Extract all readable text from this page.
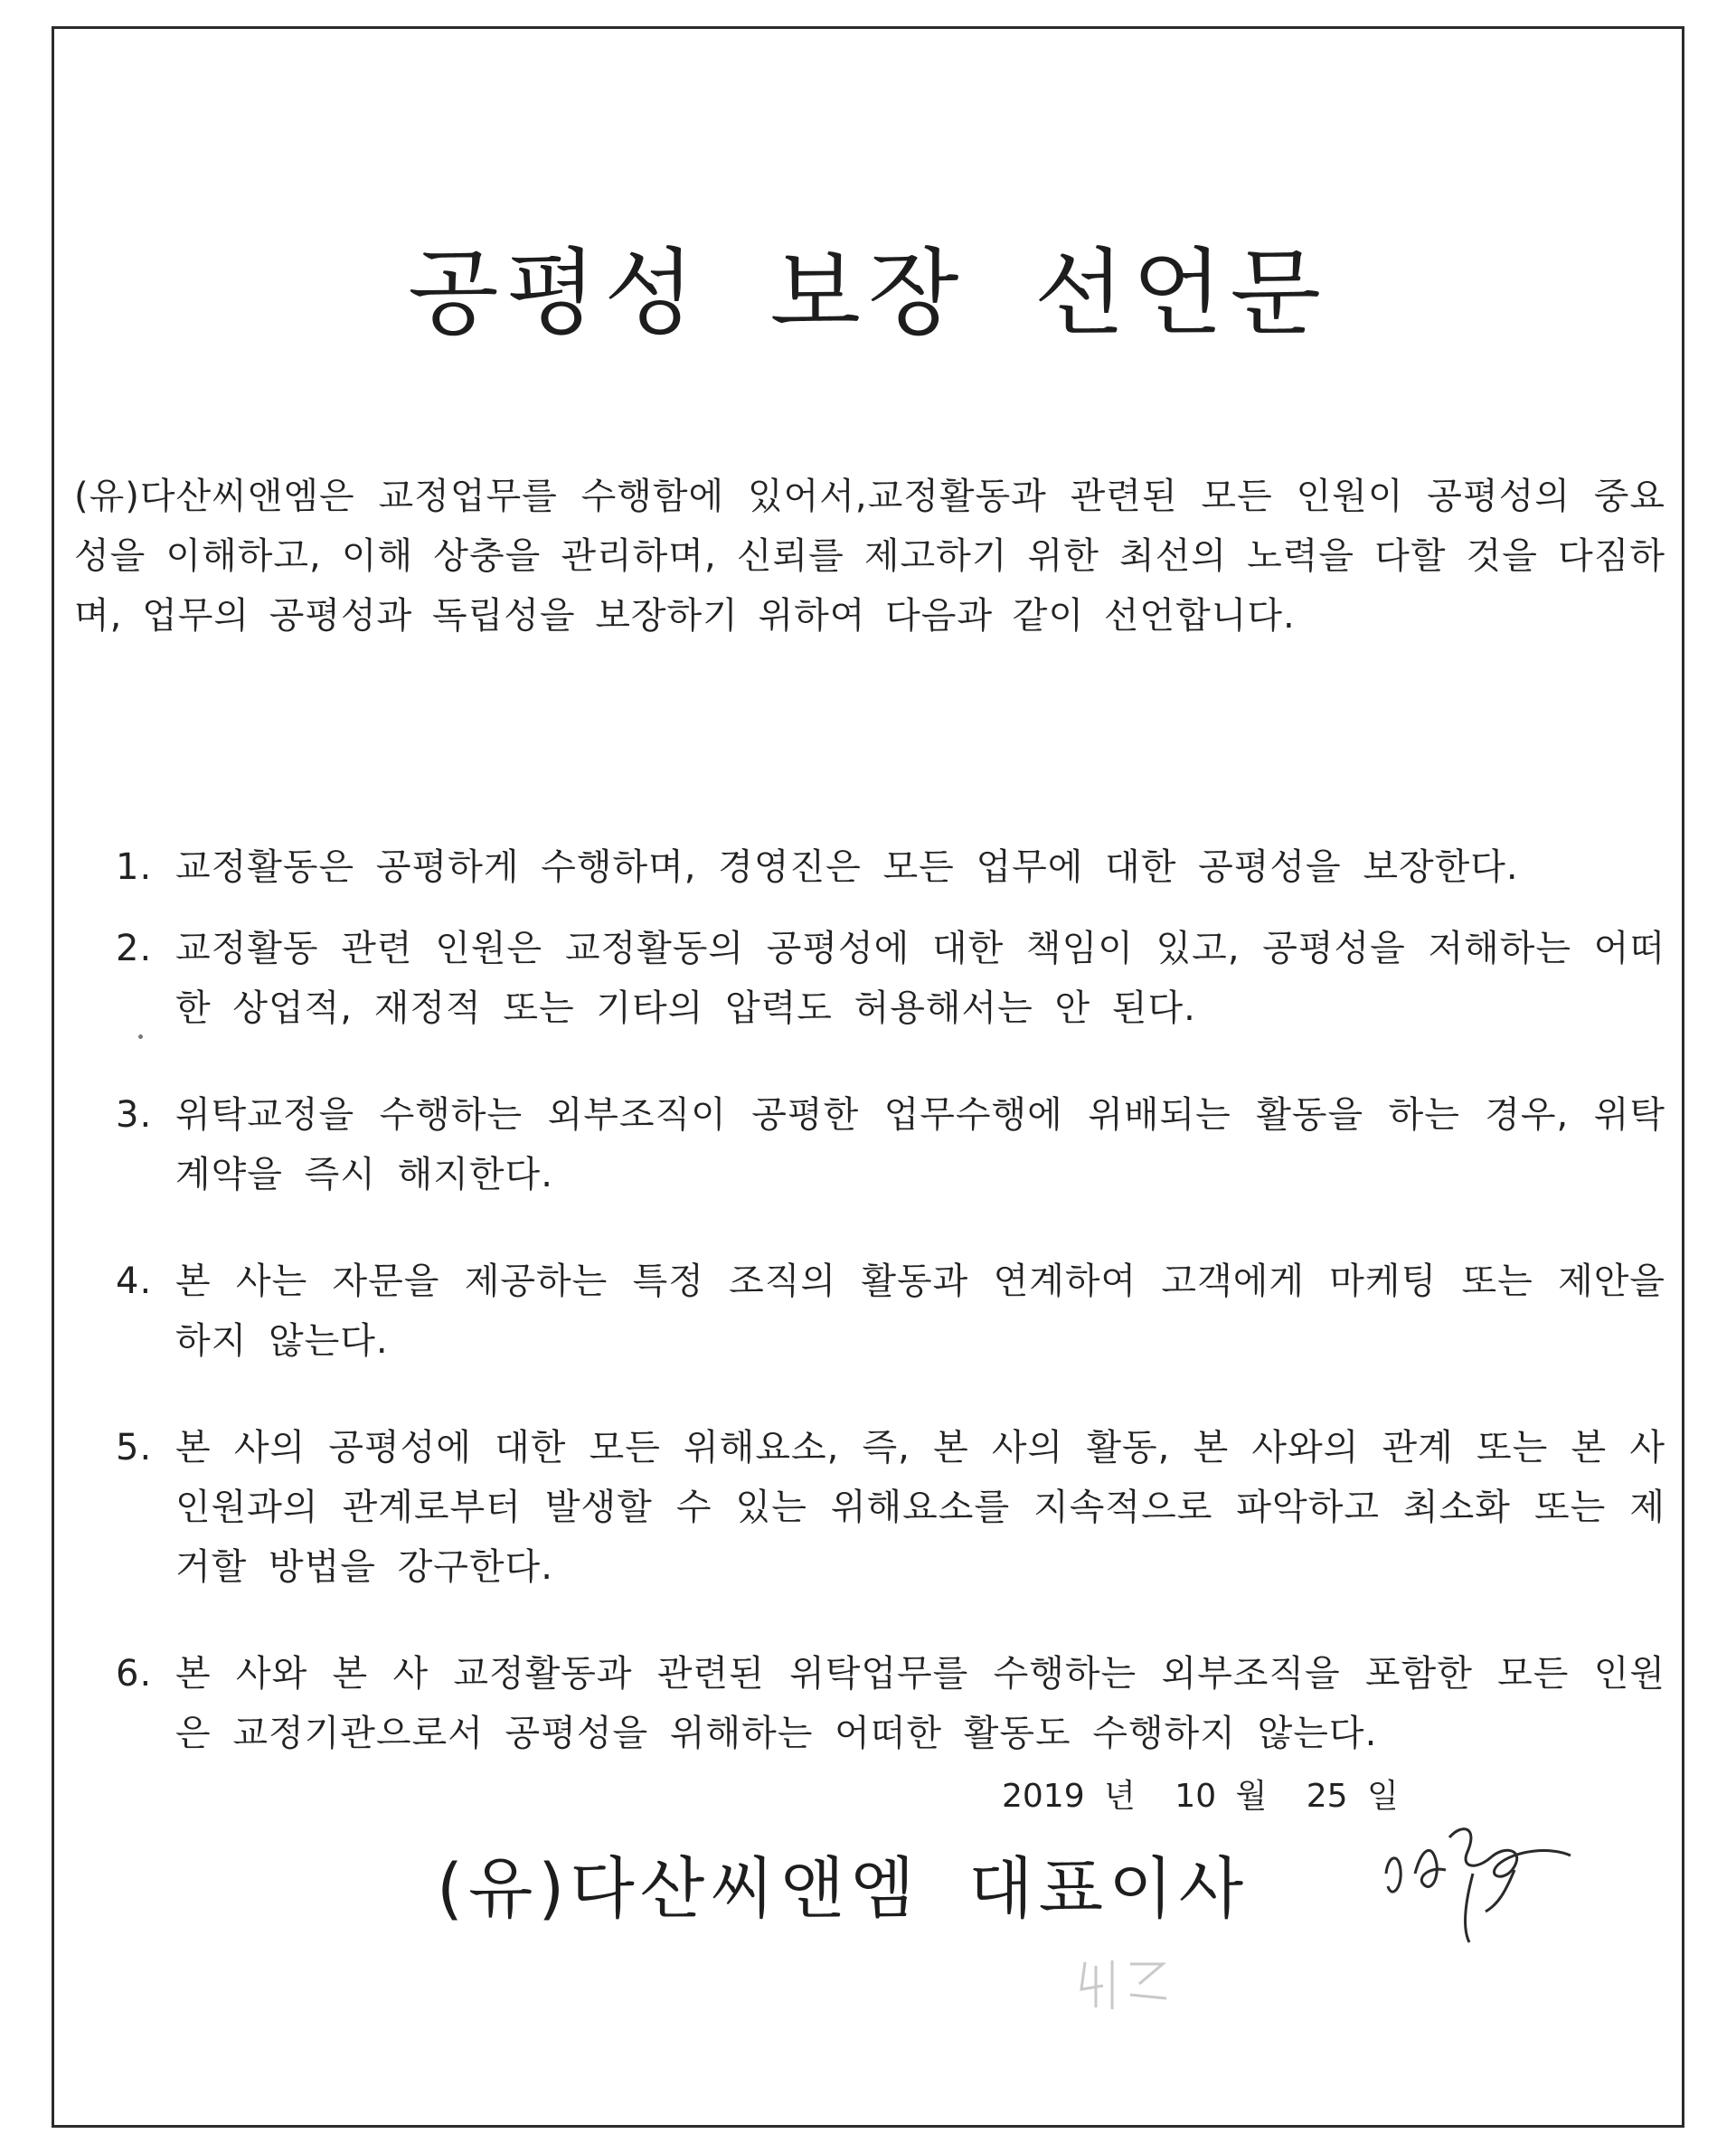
공평성 보장 선언문
(유)다산씨앤엠은 교정업무를 수행함에 있어서,교정활동과 관련된 모든 인원이 공평성의 중요성을 이해하고, 이해 상충을 관리하며, 신뢰를 제고하기 위한 최선의 노력을 다할 것을 다짐하며, 업무의 공평성과 독립성을 보장하기 위하여 다음과 같이 선언합니다.
1. 교정활동은 공평하게 수행하며, 경영진은 모든 업무에 대한 공평성을 보장한다.
2. 교정활동 관련 인원은 교정활동의 공평성에 대한 책임이 있고, 공평성을 저해하는 어떠한 상업적, 재정적 또는 기타의 압력도 허용해서는 안 된다.
3. 위탁교정을 수행하는 외부조직이 공평한 업무수행에 위배되는 활동을 하는 경우, 위탁계약을 즉시 해지한다.
4. 본 사는 자문을 제공하는 특정 조직의 활동과 연계하여 고객에게 마케팅 또는 제안을 하지 않는다.
5. 본 사의 공평성에 대한 모든 위해요소, 즉, 본 사의 활동, 본 사와의 관계 또는 본 사 인원과의 관계로부터 발생할 수 있는 위해요소를 지속적으로 파악하고 최소화 또는 제거할 방법을 강구한다.
6. 본 사와 본 사 교정활동과 관련된 위탁업무를 수행하는 외부조직을 포함한 모든 인원은 교정기관으로서 공평성을 위해하는 어떠한 활동도 수행하지 않는다.
2019 년 10 월 25 일
(유)다산씨앤엠 대표이사
